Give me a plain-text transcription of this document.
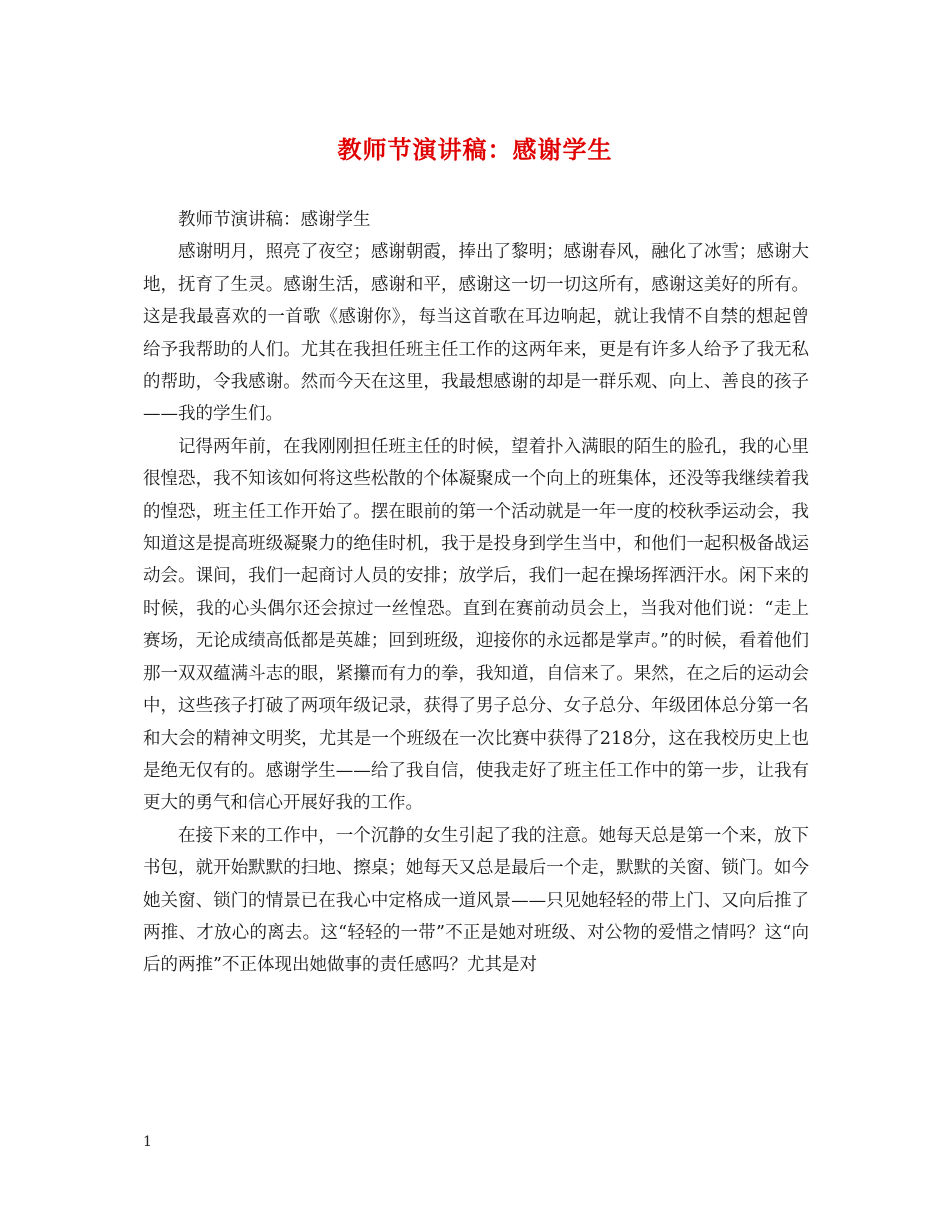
教师节演讲稿：感谢学生

教师节演讲稿：感谢学生

感谢明月，照亮了夜空；感谢朝霞，捧出了黎明；感谢春风，融化了冰雪；感谢大地，抚育了生灵。感谢生活，感谢和平，感谢这一切一切这所有，感谢这美好的所有。这是我最喜欢的一首歌《感谢你》，每当这首歌在耳边响起，就让我情不自禁的想起曾给予我帮助的人们。尤其在我担任班主任工作的这两年来，更是有许多人给予了我无私的帮助，令我感谢。然而今天在这里，我最想感谢的却是一群乐观、向上、善良的孩子——我的学生们。

记得两年前，在我刚刚担任班主任的时候，望着扑入满眼的陌生的脸孔，我的心里很惶恐，我不知该如何将这些松散的个体凝聚成一个向上的班集体，还没等我继续着我的惶恐，班主任工作开始了。摆在眼前的第一个活动就是一年一度的校秋季运动会，我知道这是提高班级凝聚力的绝佳时机，我于是投身到学生当中，和他们一起积极备战运动会。课间，我们一起商讨人员的安排；放学后，我们一起在操场挥洒汗水。闲下来的时候，我的心头偶尔还会掠过一丝惶恐。直到在赛前动员会上，当我对他们说：“走上赛场，无论成绩高低都是英雄；回到班级，迎接你的永远都是掌声。”的时候，看着他们那一双双蕴满斗志的眼，紧攥而有力的拳，我知道，自信来了。果然，在之后的运动会中，这些孩子打破了两项年级记录，获得了男子总分、女子总分、年级团体总分第一名和大会的精神文明奖，尤其是一个班级在一次比赛中获得了218分，这在我校历史上也是绝无仅有的。感谢学生——给了我自信，使我走好了班主任工作中的第一步，让我有更大的勇气和信心开展好我的工作。

在接下来的工作中，一个沉静的女生引起了我的注意。她每天总是第一个来，放下书包，就开始默默的扫地、擦桌；她每天又总是最后一个走，默默的关窗、锁门。如今她关窗、锁门的情景已在我心中定格成一道风景——只见她轻轻的带上门、又向后推了两推、才放心的离去。这“轻轻的一带”不正是她对班级、对公物的爱惜之情吗？这“向后的两推”不正体现出她做事的责任感吗？尤其是对

1
